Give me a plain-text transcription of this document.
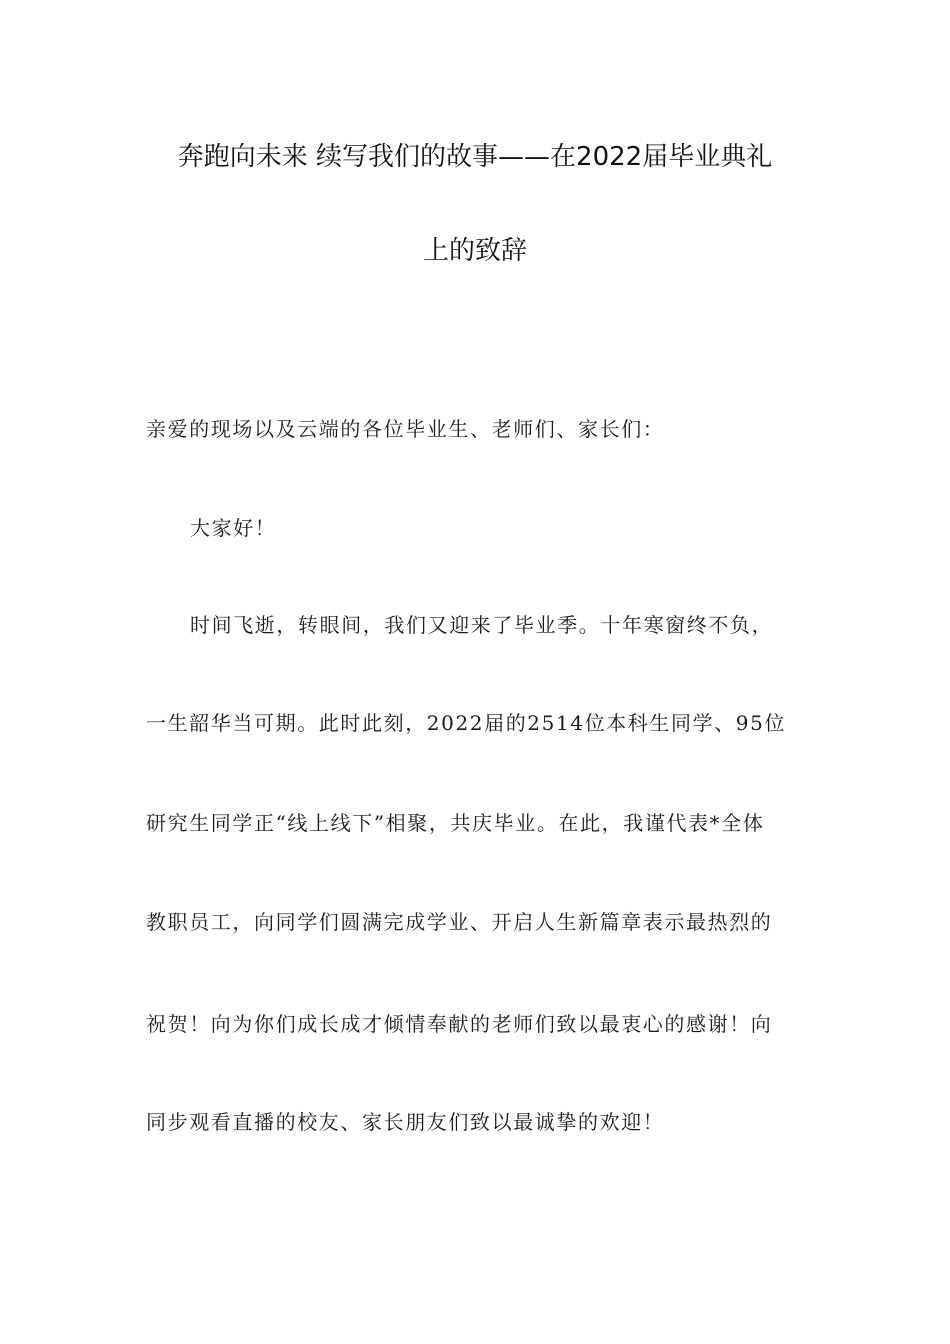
奔跑向未来 续写我们的故事——在2022届毕业典礼
上的致辞
亲爱的现场以及云端的各位毕业生、老师们、家长们：
大家好！
时间飞逝，转眼间，我们又迎来了毕业季。十年寒窗终不负，
一生韶华当可期。此时此刻，2022届的2514位本科生同学、95位
研究生同学正“线上线下”相聚，共庆毕业。在此，我谨代表*全体
教职员工，向同学们圆满完成学业、开启人生新篇章表示最热烈的
祝贺！向为你们成长成才倾情奉献的老师们致以最衷心的感谢！向
同步观看直播的校友、家长朋友们致以最诚挚的欢迎！
